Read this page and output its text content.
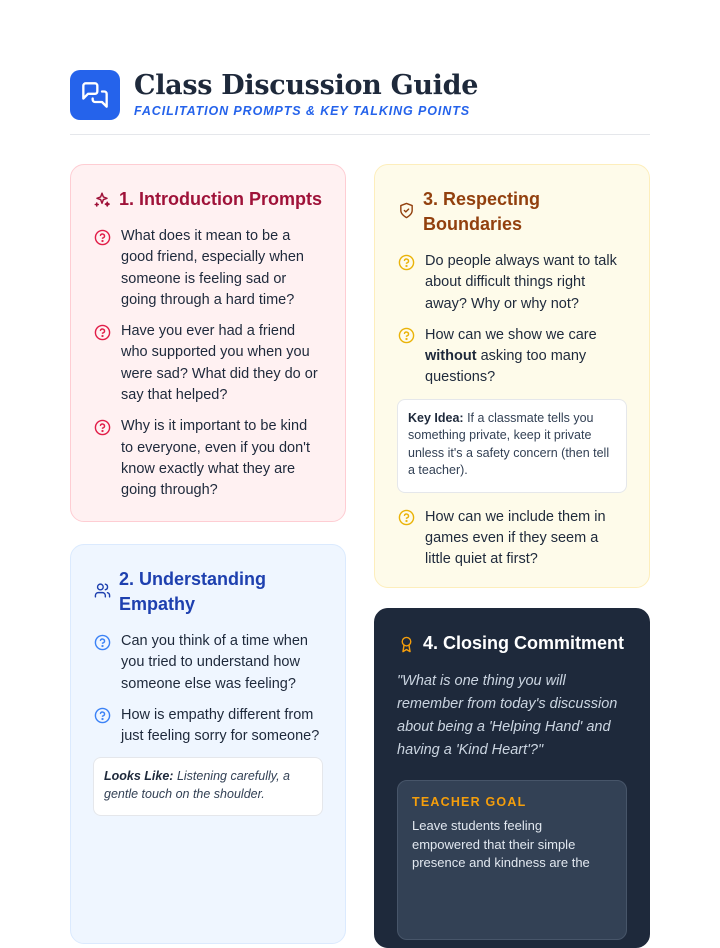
Class Discussion Guide
FACILITATION PROMPTS & KEY TALKING POINTS
1. Introduction Prompts
What does it mean to be a good friend, especially when someone is feeling sad or going through a hard time?
Have you ever had a friend who supported you when you were sad? What did they do or say that helped?
Why is it important to be kind to everyone, even if you don't know exactly what they are going through?
2. Understanding Empathy
Can you think of a time when you tried to understand how someone else was feeling?
How is empathy different from just feeling sorry for someone?
Looks Like: Listening carefully, a gentle touch on the shoulder.
3. Respecting Boundaries
Do people always want to talk about difficult things right away? Why or why not?
How can we show we care without asking too many questions?
Key Idea: If a classmate tells you something private, keep it private unless it's a safety concern (then tell a teacher).
How can we include them in games even if they seem a little quiet at first?
4. Closing Commitment
"What is one thing you will remember from today's discussion about being a 'Helping Hand' and having a 'Kind Heart'?"
TEACHER GOAL
Leave students feeling empowered that their simple presence and kindness are the
